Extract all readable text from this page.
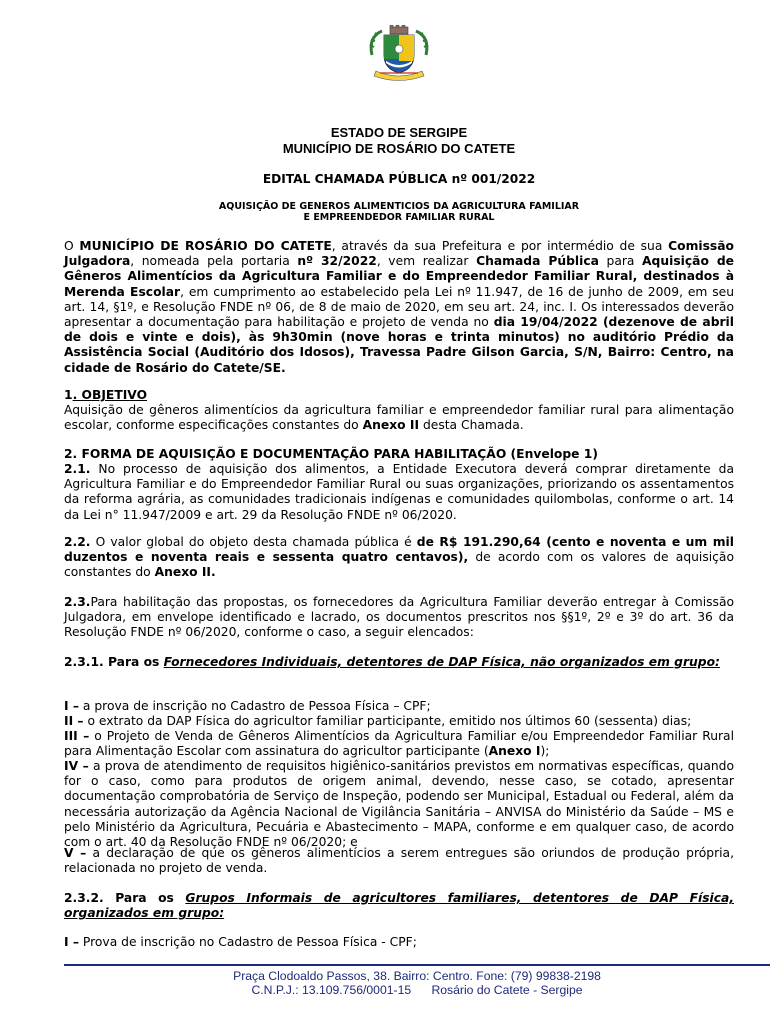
ESTADO DE SERGIPE
MUNICÍPIO DE ROSÁRIO DO CATETE
EDITAL CHAMADA PÚBLICA nº 001/2022
AQUISIÇÃO DE GENEROS ALIMENTICIOS DA AGRICULTURA FAMILIAR
E EMPREENDEDOR FAMILIAR RURAL

O MUNICÍPIO DE ROSÁRIO DO CATETE, através da sua Prefeitura e por intermédio de sua Comissão Julgadora, nomeada pela portaria nº 32/2022, vem realizar Chamada Pública para Aquisição de Gêneros Alimentícios da Agricultura Familiar e do Empreendedor Familiar Rural, destinados à Merenda Escolar, em cumprimento ao estabelecido pela Lei nº 11.947, de 16 de junho de 2009, em seu art. 14, §1º, e Resolução FNDE nº 06, de 8 de maio de 2020, em seu art. 24, inc. I. Os interessados deverão apresentar a documentação para habilitação e projeto de venda no dia 19/04/2022 (dezenove de abril de dois e vinte e dois), às 9h30min (nove horas e trinta minutos) no auditório Prédio da Assistência Social (Auditório dos Idosos), Travessa Padre Gilson Garcia, S/N, Bairro: Centro, na cidade de Rosário do Catete/SE.

1. OBJETIVO

Aquisição de gêneros alimentícios da agricultura familiar e empreendedor familiar rural para alimentação escolar, conforme especificações constantes do Anexo II desta Chamada.

2. FORMA DE AQUISIÇÃO E DOCUMENTAÇÃO PARA HABILITAÇÃO (Envelope 1)

2.1. No processo de aquisição dos alimentos, a Entidade Executora deverá comprar diretamente da Agricultura Familiar e do Empreendedor Familiar Rural ou suas organizações, priorizando os assentamentos da reforma agrária, as comunidades tradicionais indígenas e comunidades quilombolas, conforme o art. 14 da Lei n° 11.947/2009 e art. 29 da Resolução FNDE nº 06/2020.

2.2. O valor global do objeto desta chamada pública é de R$ 191.290,64 (cento e noventa e um mil duzentos e noventa reais e sessenta quatro centavos), de acordo com os valores de aquisição constantes do Anexo II.

2.3.Para habilitação das propostas, os fornecedores da Agricultura Familiar deverão entregar à Comissão Julgadora, em envelope identificado e lacrado, os documentos prescritos nos §§1º, 2º e 3º do art. 36 da Resolução FNDE nº 06/2020, conforme o caso, a seguir elencados:

2.3.1. Para os Fornecedores Individuais, detentores de DAP Física, não organizados em grupo:

I – a prova de inscrição no Cadastro de Pessoa Física – CPF;

II – o extrato da DAP Física do agricultor familiar participante, emitido nos últimos 60 (sessenta) dias;

III – o Projeto de Venda de Gêneros Alimentícios da Agricultura Familiar e/ou Empreendedor Familiar Rural para Alimentação Escolar com assinatura do agricultor participante (Anexo I);

IV – a prova de atendimento de requisitos higiênico-sanitários previstos em normativas específicas, quando for o caso, como para produtos de origem animal, devendo, nesse caso, se cotado, apresentar documentação comprobatória de Serviço de Inspeção, podendo ser Municipal, Estadual ou Federal, além da necessária autorização da Agência Nacional de Vigilância Sanitária – ANVISA do Ministério da Saúde – MS e pelo Ministério da Agricultura, Pecuária e Abastecimento – MAPA, conforme e em qualquer caso, de acordo com o art. 40 da Resolução FNDE nº 06/2020; e

V – a declaração de que os gêneros alimentícios a serem entregues são oriundos de produção própria, relacionada no projeto de venda.

2.3.2. Para os Grupos Informais de agricultores familiares, detentores de DAP Física, organizados em grupo:

I – Prova de inscrição no Cadastro de Pessoa Física - CPF;

Praça Clodoaldo Passos, 38. Bairro: Centro. Fone: (79) 99838-2198
C.N.P.J.: 13.109.756/0001-15      Rosário do Catete - Sergipe
